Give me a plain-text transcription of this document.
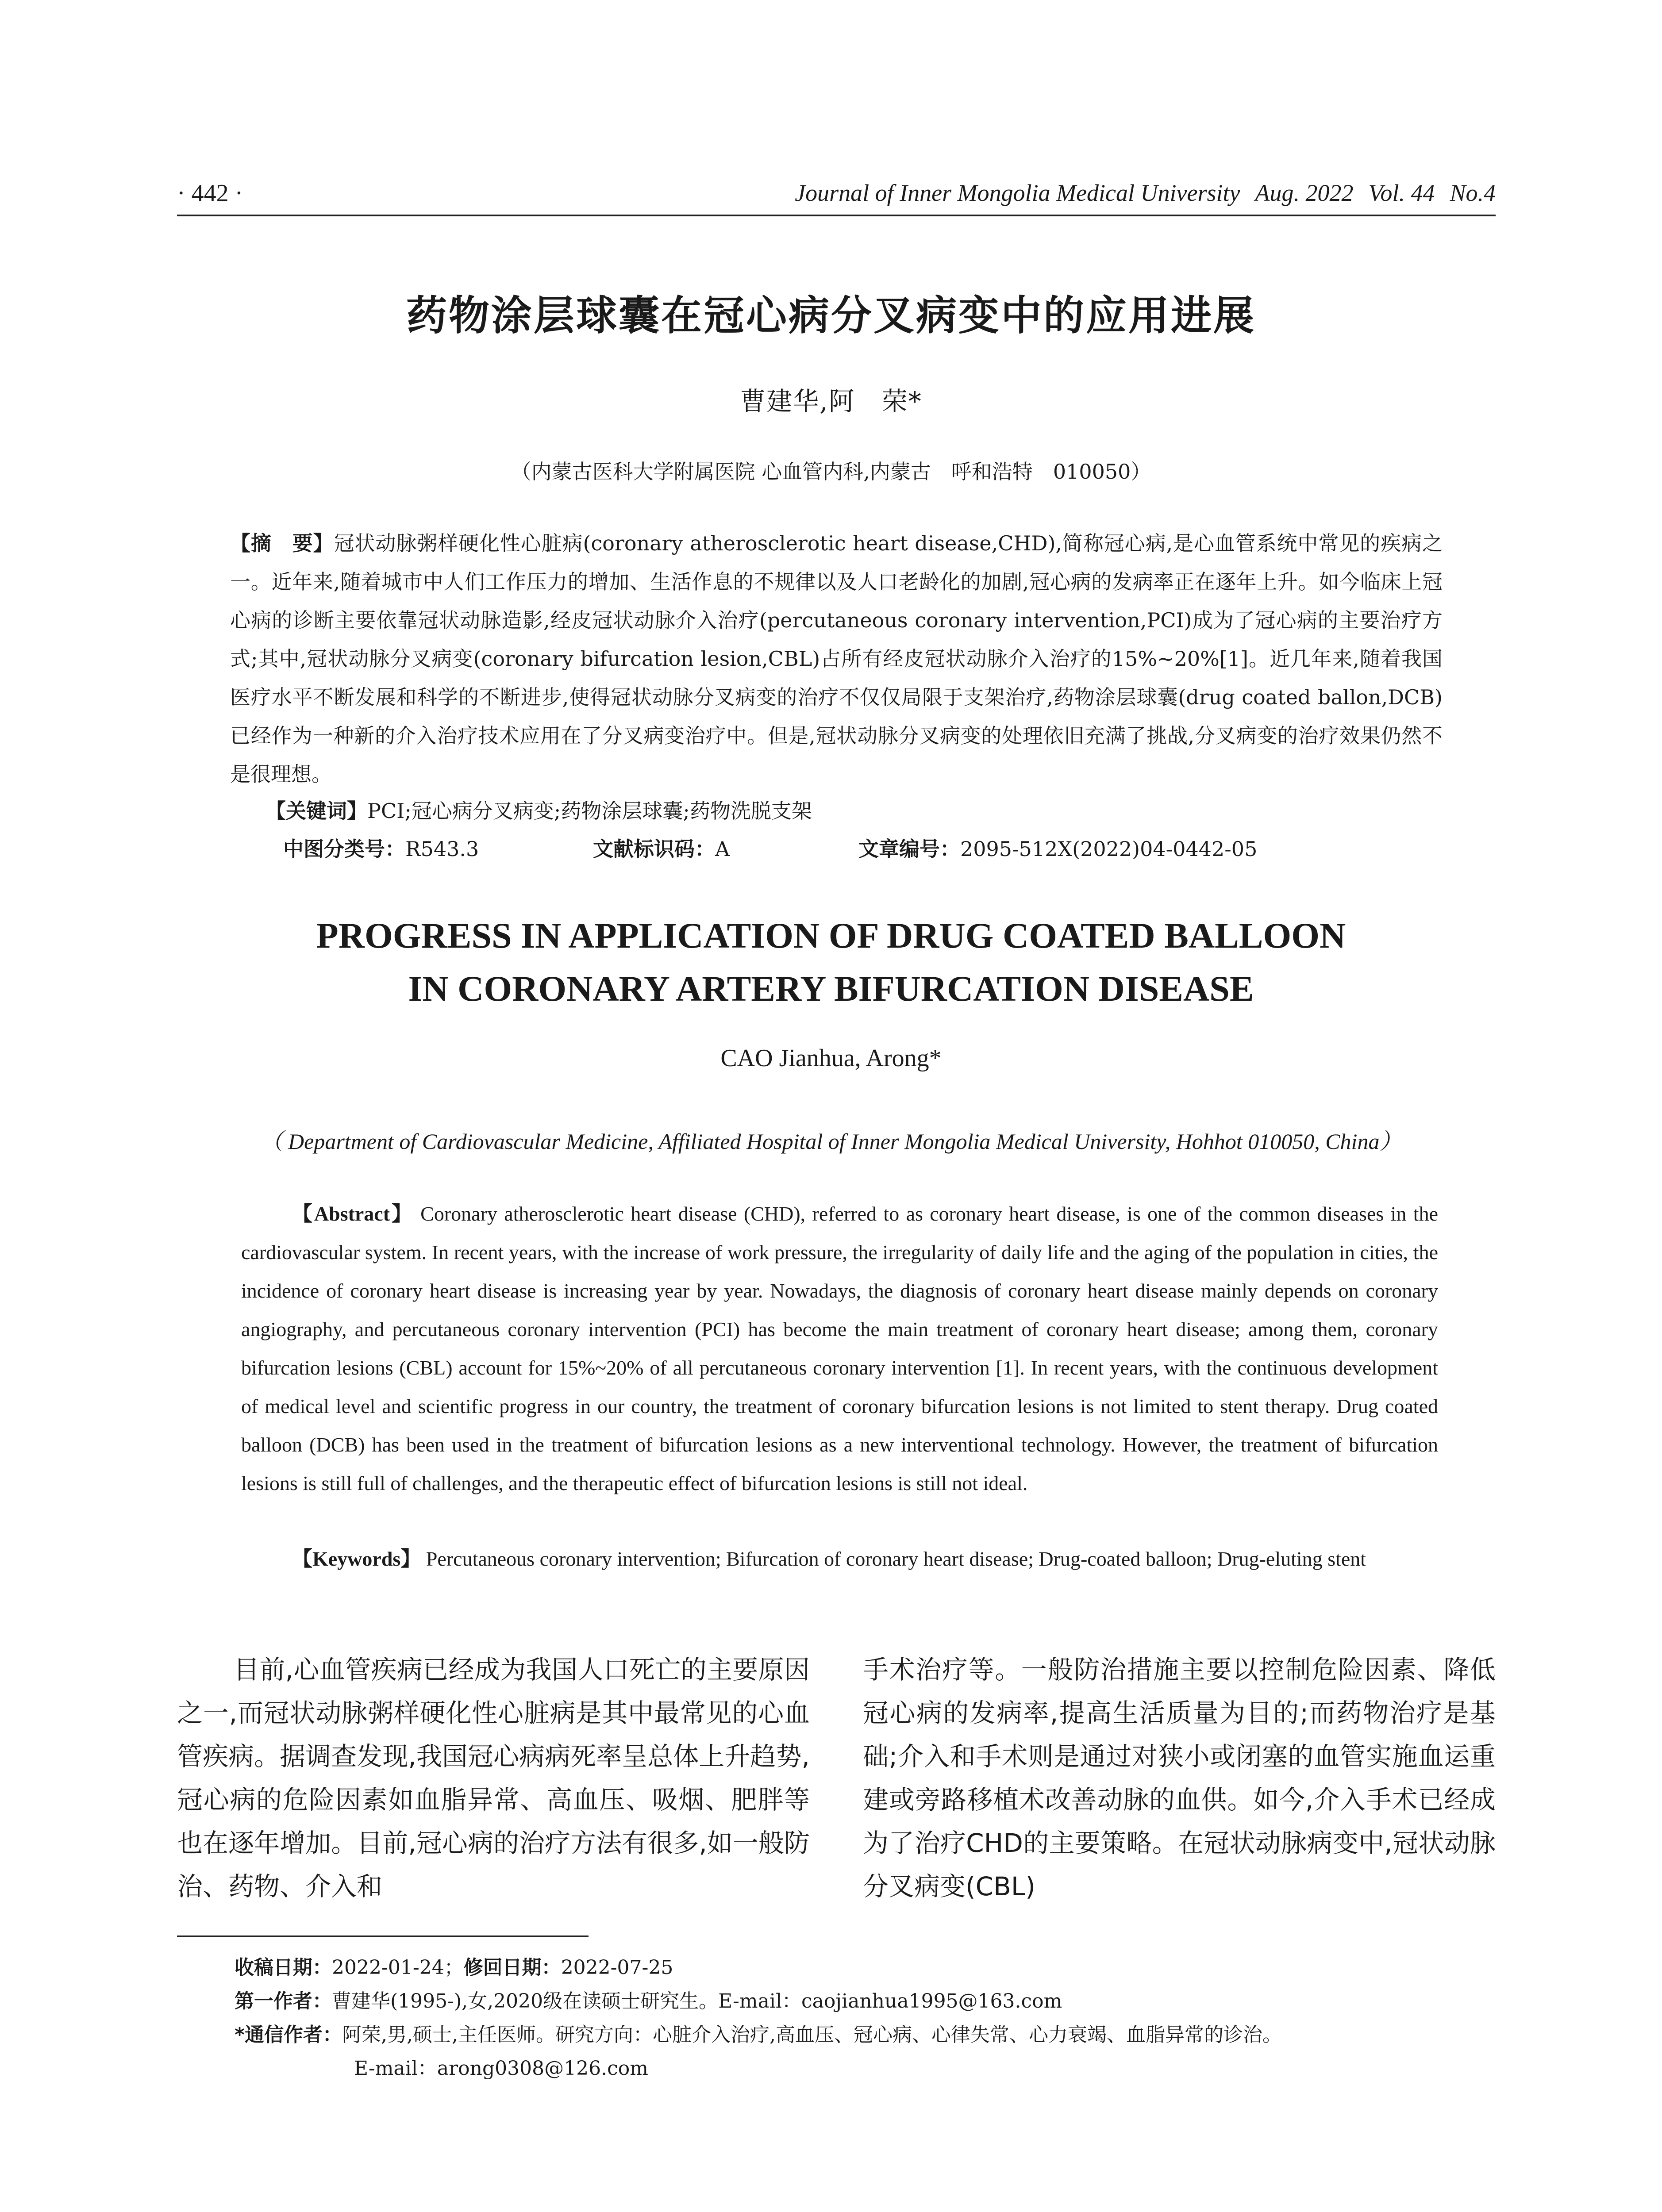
· 442 ·	Journal of Inner Mongolia Medical University Aug. 2022 Vol. 44 No.4
药物涂层球囊在冠心病分叉病变中的应用进展
曹建华,阿　荣*
（内蒙古医科大学附属医院 心血管内科,内蒙古　呼和浩特　010050）
【摘　要】冠状动脉粥样硬化性心脏病(coronary atherosclerotic heart disease,CHD),简称冠心病,是心血管系统中常见的疾病之一。近年来,随着城市中人们工作压力的增加、生活作息的不规律以及人口老龄化的加剧,冠心病的发病率正在逐年上升。如今临床上冠心病的诊断主要依靠冠状动脉造影,经皮冠状动脉介入治疗(percutaneous coronary intervention,PCI)成为了冠心病的主要治疗方式;其中,冠状动脉分叉病变(coronary bifurcation lesion,CBL)占所有经皮冠状动脉介入治疗的15%~20%[1]。近几年来,随着我国医疗水平不断发展和科学的不断进步,使得冠状动脉分叉病变的治疗不仅仅局限于支架治疗,药物涂层球囊(drug coated ballon,DCB)已经作为一种新的介入治疗技术应用在了分叉病变治疗中。但是,冠状动脉分叉病变的处理依旧充满了挑战,分叉病变的治疗效果仍然不是很理想。
【关键词】PCI;冠心病分叉病变;药物涂层球囊;药物洗脱支架
中图分类号：R543.3	文献标识码：A	文章编号：2095-512X(2022)04-0442-05
PROGRESS IN APPLICATION OF DRUG COATED BALLOON
IN CORONARY ARTERY BIFURCATION DISEASE
CAO Jianhua, Arong*
（ Department of Cardiovascular Medicine, Affiliated Hospital of Inner Mongolia Medical University, Hohhot 010050, China）
【Abstract】 Coronary atherosclerotic heart disease (CHD), referred to as coronary heart disease, is one of the common diseases in the cardiovascular system. In recent years, with the increase of work pressure, the irregularity of daily life and the aging of the population in cities, the incidence of coronary heart disease is increasing year by year. Nowadays, the diagnosis of coronary heart disease mainly depends on coronary angiography, and percutaneous coronary intervention (PCI) has become the main treatment of coronary heart disease; among them, coronary bifurcation lesions (CBL) account for 15%~20% of all percutaneous coronary intervention [1]. In recent years, with the continuous development of medical level and scientific progress in our country, the treatment of coronary bifurcation lesions is not limited to stent therapy. Drug coated balloon (DCB) has been used in the treatment of bifurcation lesions as a new interventional technology. However, the treatment of bifurcation lesions is still full of challenges, and the therapeutic effect of bifurcation lesions is still not ideal.
【Keywords】 Percutaneous coronary intervention; Bifurcation of coronary heart disease; Drug-coated balloon; Drug-eluting stent
目前,心血管疾病已经成为我国人口死亡的主要原因之一,而冠状动脉粥样硬化性心脏病是其中最常见的心血管疾病。据调查发现,我国冠心病病死率呈总体上升趋势,冠心病的危险因素如血脂异常、高血压、吸烟、肥胖等也在逐年增加。目前,冠心病的治疗方法有很多,如一般防治、药物、介入和
手术治疗等。一般防治措施主要以控制危险因素、降低冠心病的发病率,提高生活质量为目的;而药物治疗是基础;介入和手术则是通过对狭小或闭塞的血管实施血运重建或旁路移植术改善动脉的血供。如今,介入手术已经成为了治疗CHD的主要策略。在冠状动脉病变中,冠状动脉分叉病变(CBL)
收稿日期：2022-01-24；修回日期：2022-07-25
第一作者：曹建华(1995-),女,2020级在读硕士研究生。E-mail：caojianhua1995@163.com
*通信作者：阿荣,男,硕士,主任医师。研究方向：心脏介入治疗,高血压、冠心病、心律失常、心力衰竭、血脂异常的诊治。
E-mail：arong0308@126.com
